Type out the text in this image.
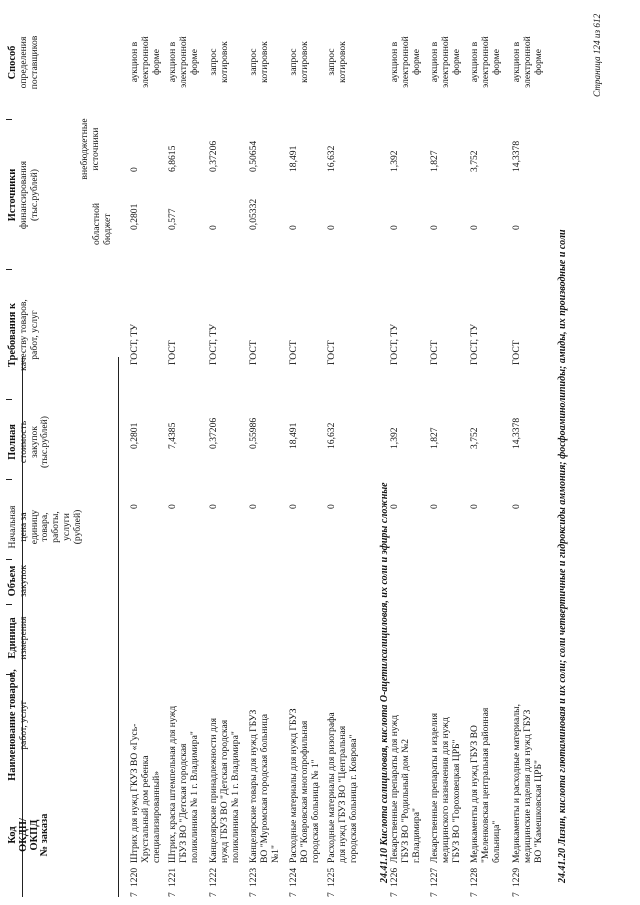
Код ОКДП/ ОКПД № заказа
Наименование товаров, работ, услуг
Единица измерения
Объем закупок
Начальная цена за единицу товара, работы, услуги (рублей)
Полная стоимость закупок (тыс.рублей)
Требования к качеству товаров, работ, услуг
Источники финансирования (тыс.рублей)
областной бюджет
внебюджетные источники
Способ определения поставщиков
7
1220
Штрих для нужд ГКУЗ ВО «Гусь- Хрустальный дом ребенка специализированный»
0
0,2801
ГОСТ, ТУ
0,2801
0
аукцион в электронной форме
7
1221
Штрих, краска штемпельная для нужд ГБУЗ ВО "Детская городская поликлиника № 1 г. Владимира"
0
7,4385
ГОСТ
0,577
6,8615
аукцион в электронной форме
7
1222
Канцелярские принадлежности для нужд ГБУЗ ВО "Детская городская поликлиника № 1 г. Владимира"
0
0,37206
ГОСТ, ТУ
0
0,37206
запрос котировок
7
1223
Канцелярские товары для нужд ГБУЗ ВО "Муромская городская больница №1"
0
0,55986
ГОСТ
0,05332
0,50654
запрос котировок
7
1224
Расходные материалы для нужд ГБУЗ ВО "Ковровская многопрофильная городская больница № 1"
0
18,491
ГОСТ
0
18,491
запрос котировок
7
1225
Расходные материалы для ризографа для нужд ГБУЗ ВО "Центральная городская больница г. Коврова"
0
16,632
ГОСТ
0
16,632
запрос котировок
7
1226
Лекарственные препараты для нужд ГБУЗ ВО "Родильный дом №2 г.Владимира"
0
1,392
ГОСТ, ТУ
0
1,392
аукцион в электронной форме
7
1227
Лекарственные препараты и изделия медицинского назначения для нужд ГБУЗ ВО "Гороховецкая ЦРБ"
0
1,827
ГОСТ
0
1,827
аукцион в электронной форме
7
1228
Медикаменты для нужд ГБУЗ ВО "Меленковская центральная районная больница"
0
3,752
ГОСТ, ТУ
0
3,752
аукцион в электронной форме
7
1229
Медикаменты и расходные материалы, медицинские изделия для нужд ГБУЗ ВО "Камешковская ЦРБ"
0
14,3378
ГОСТ
0
14,3378
аукцион в электронной форме
24.41.10 Кислота салициловая, кислота О-ацетилсалициловая, их соли и эфиры сложные
24.41.20 Лизин, кислота глютаминовая и их соли; соли четвертичные и гидроксиды аммония; фосфоаминолипиды; амиды, их производные и соли
Страница 124 из 612
